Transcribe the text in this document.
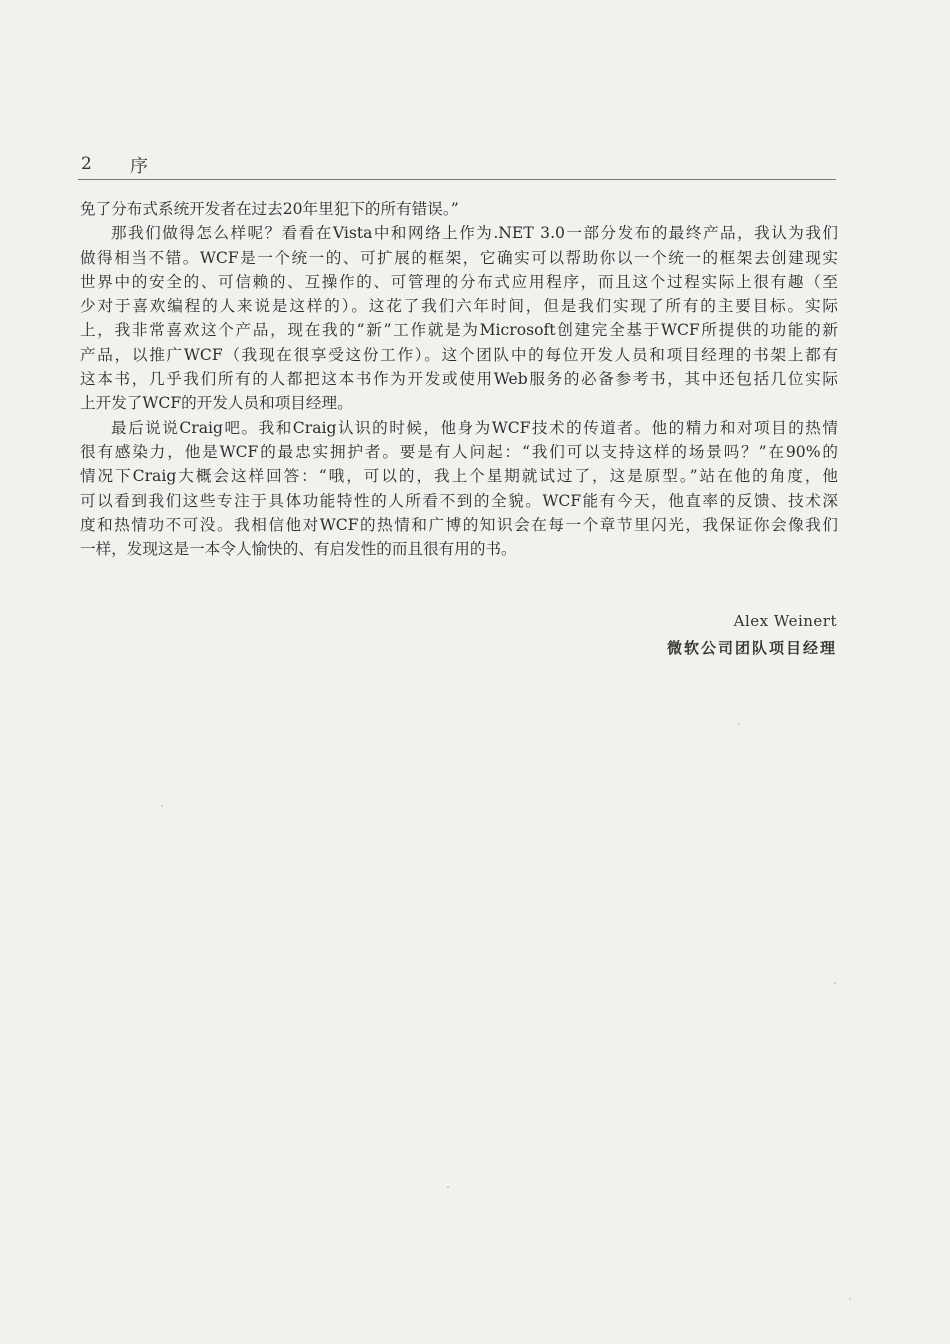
2 序
免了分布式系统开发者在过去20年里犯下的所有错误。”
那我们做得怎么样呢？看看在Vista中和网络上作为.NET 3.0一部分发布的最终产品，我认为我们
做得相当不错。WCF是一个统一的、可扩展的框架，它确实可以帮助你以一个统一的框架去创建现实
世界中的安全的、可信赖的、互操作的、可管理的分布式应用程序，而且这个过程实际上很有趣（至
少对于喜欢编程的人来说是这样的）。这花了我们六年时间，但是我们实现了所有的主要目标。实际
上，我非常喜欢这个产品，现在我的“新”工作就是为Microsoft创建完全基于WCF所提供的功能的新
产品，以推广WCF（我现在很享受这份工作）。这个团队中的每位开发人员和项目经理的书架上都有
这本书，几乎我们所有的人都把这本书作为开发或使用Web服务的必备参考书，其中还包括几位实际
上开发了WCF的开发人员和项目经理。
最后说说Craig吧。我和Craig认识的时候，他身为WCF技术的传道者。他的精力和对项目的热情
很有感染力，他是WCF的最忠实拥护者。要是有人问起：“我们可以支持这样的场景吗？”在90%的
情况下Craig大概会这样回答：“哦，可以的，我上个星期就试过了，这是原型。”站在他的角度，他
可以看到我们这些专注于具体功能特性的人所看不到的全貌。WCF能有今天，他直率的反馈、技术深
度和热情功不可没。我相信他对WCF的热情和广博的知识会在每一个章节里闪光，我保证你会像我们
一样，发现这是一本令人愉快的、有启发性的而且很有用的书。
Alex Weinert
微软公司团队项目经理
